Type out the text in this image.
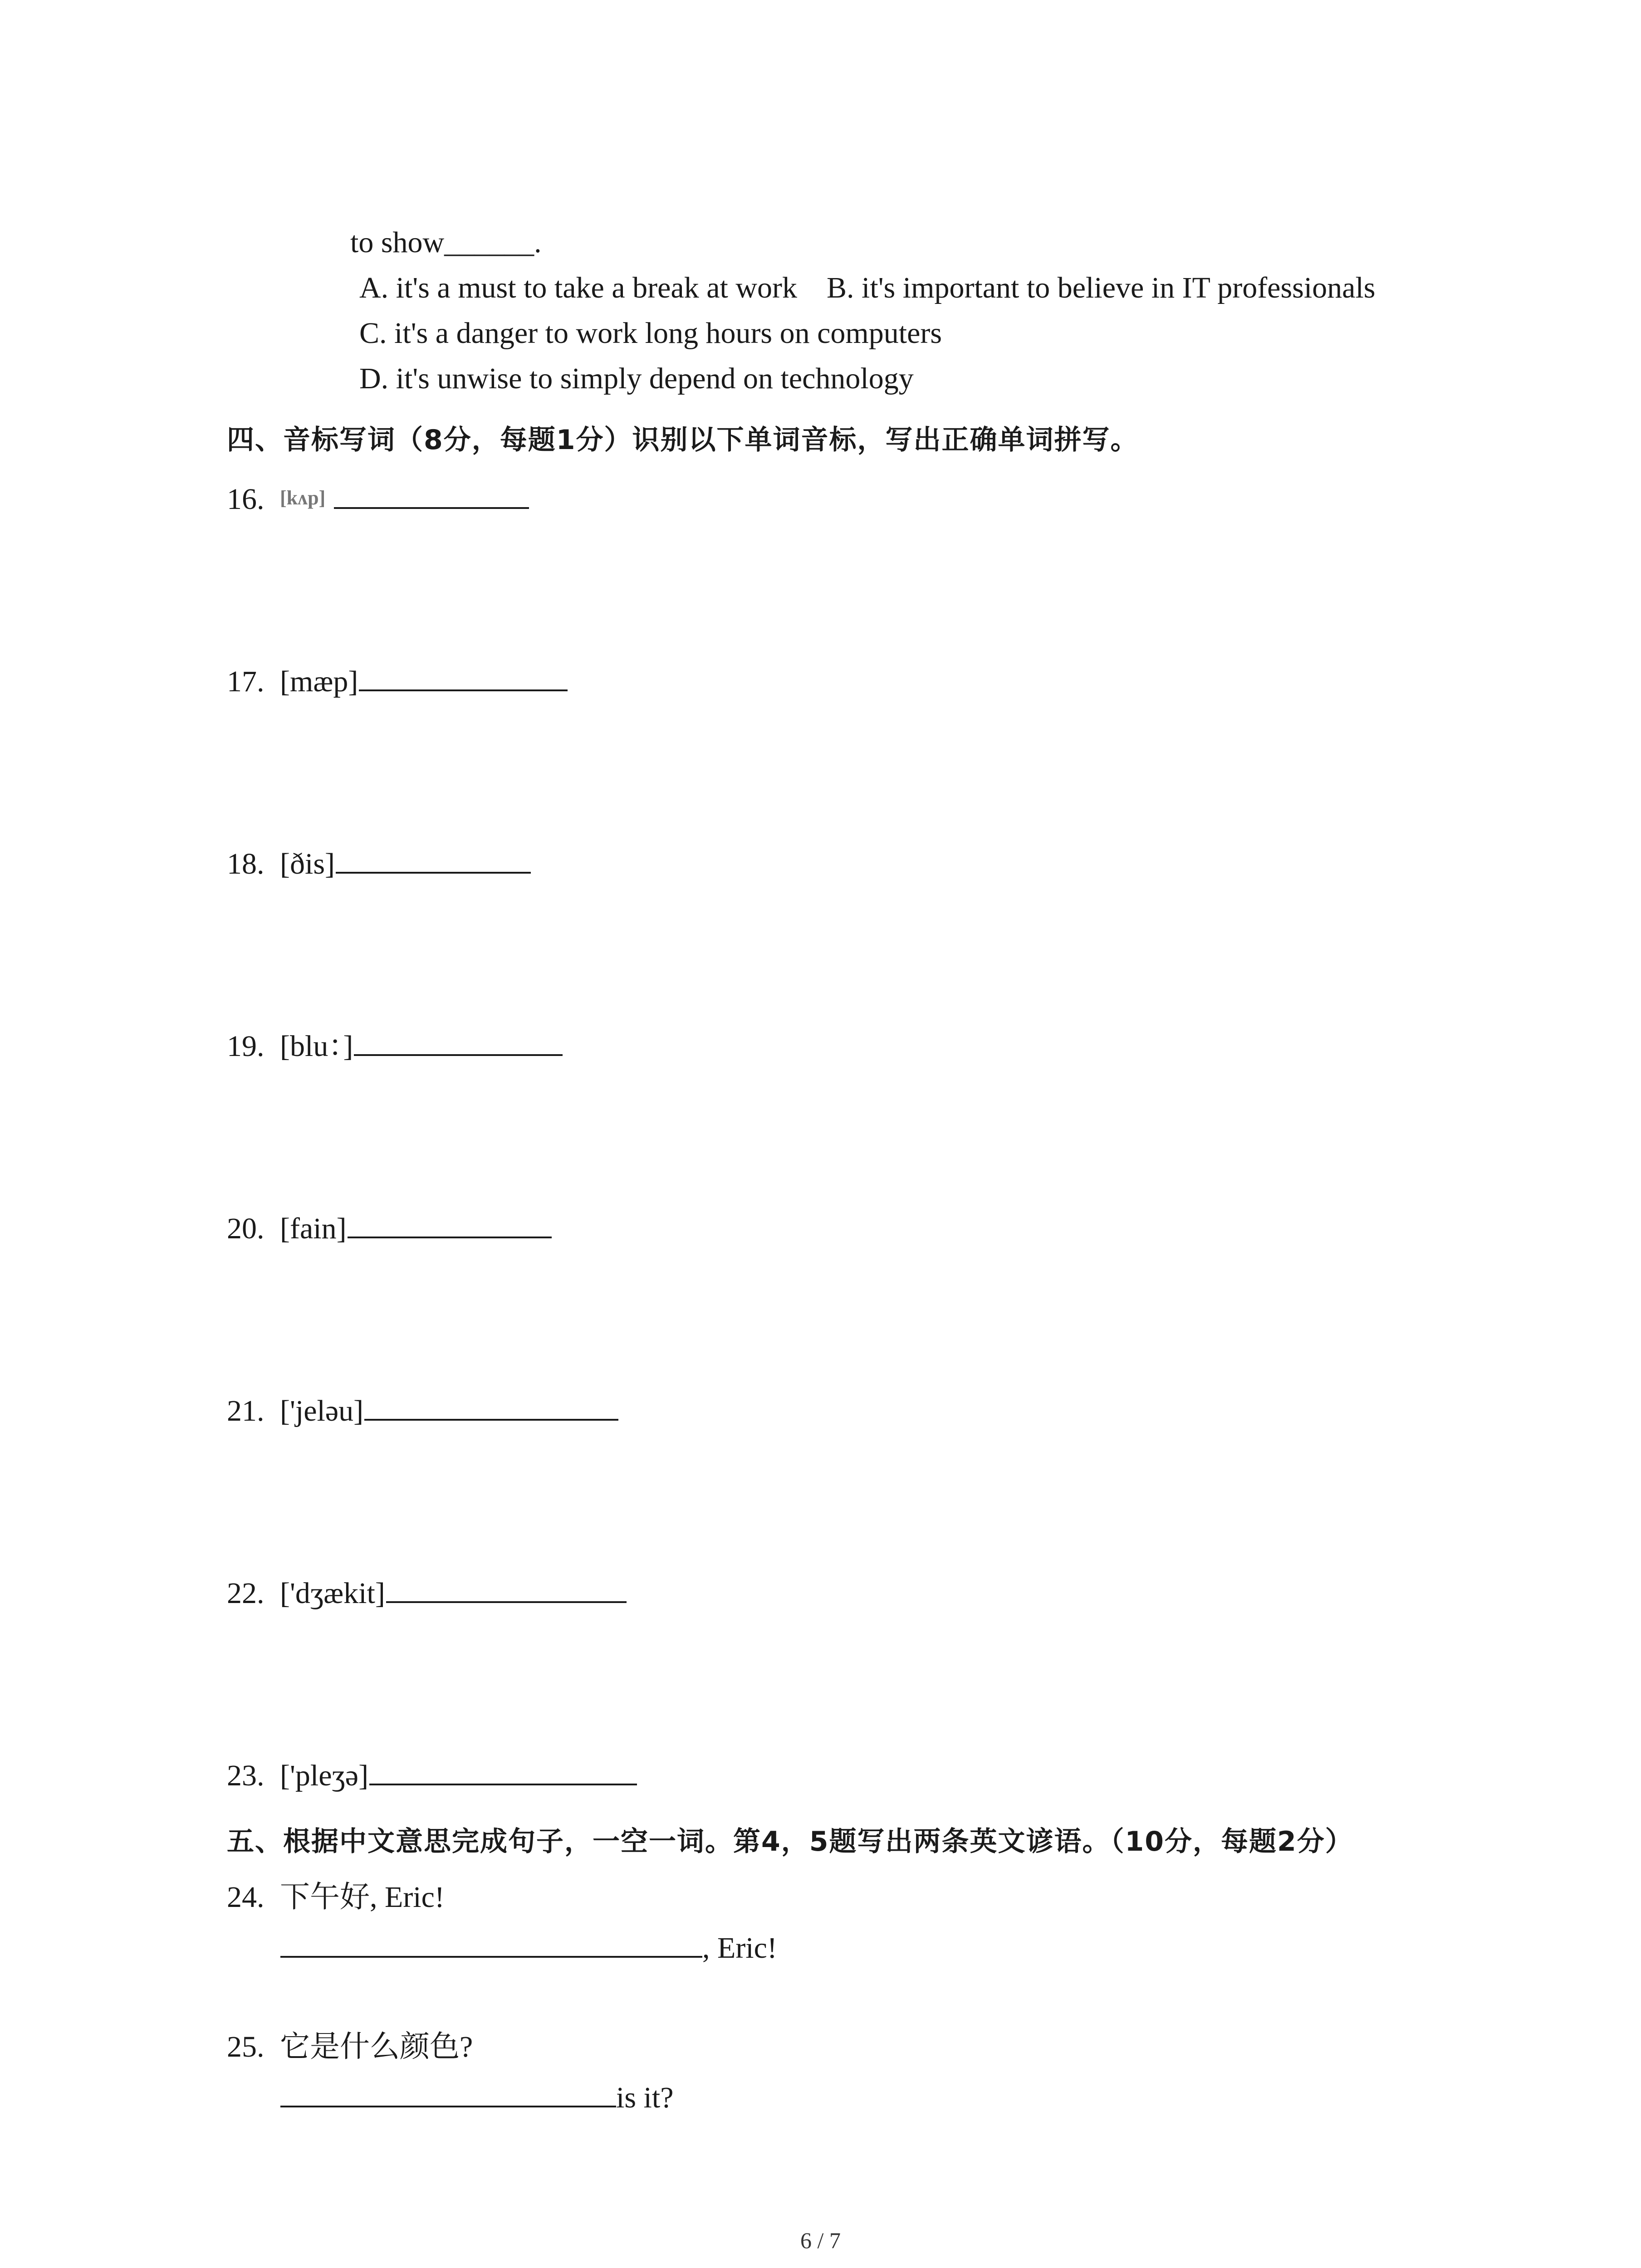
to show______.
A. it's a must to take a break at work B. it's important to believe in IT professionals
C. it's a danger to work long hours on computers
D. it's unwise to simply depend on technology
四、音标写词（8分，每题1分）识别以下单词音标，写出正确单词拼写。
16. [kʌp]
17. [mæp]
18. [ðis]
19. [blu：]
20. [fain]
21. ['jeləu]
22. ['dʒækit]
23. ['pleʒə]
五、根据中文意思完成句子，一空一词。第4，5题写出两条英文谚语。（10分，每题2分）
24. 下午好, Eric!
, Eric!
25. 它是什么颜色?
is it?
6 / 7
